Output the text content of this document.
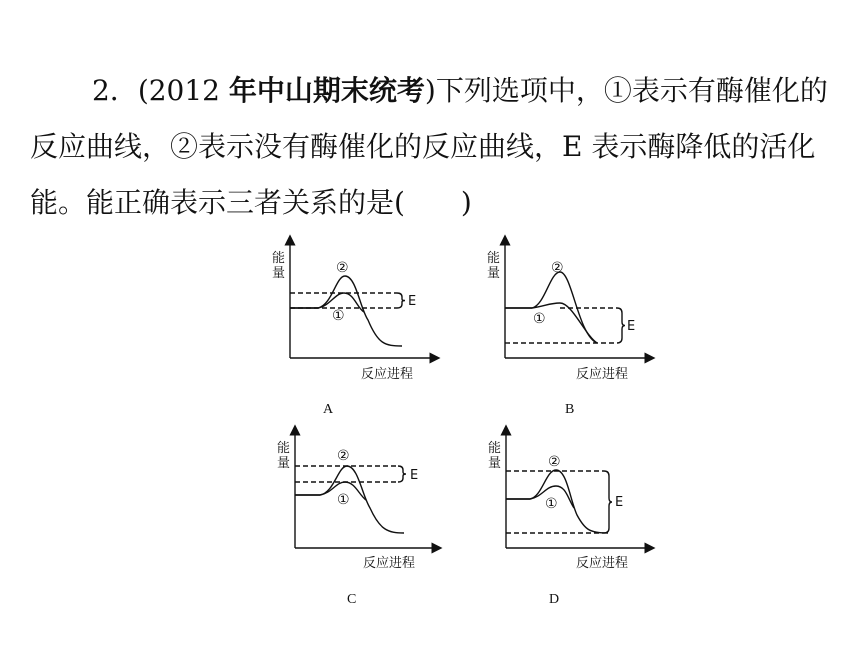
2．(2012 年中山期末统考)下列选项中，①表示有酶催化的
反应曲线，②表示没有酶催化的反应曲线，E 表示酶降低的活化
能。能正确表示三者关系的是(　　)
能
量	②
①
E
反应进程
能
量	②
①	E
反应进程
能
量	②
①
E
反应进程
能
量	②
①	E
反应进程
A	B
C	D
